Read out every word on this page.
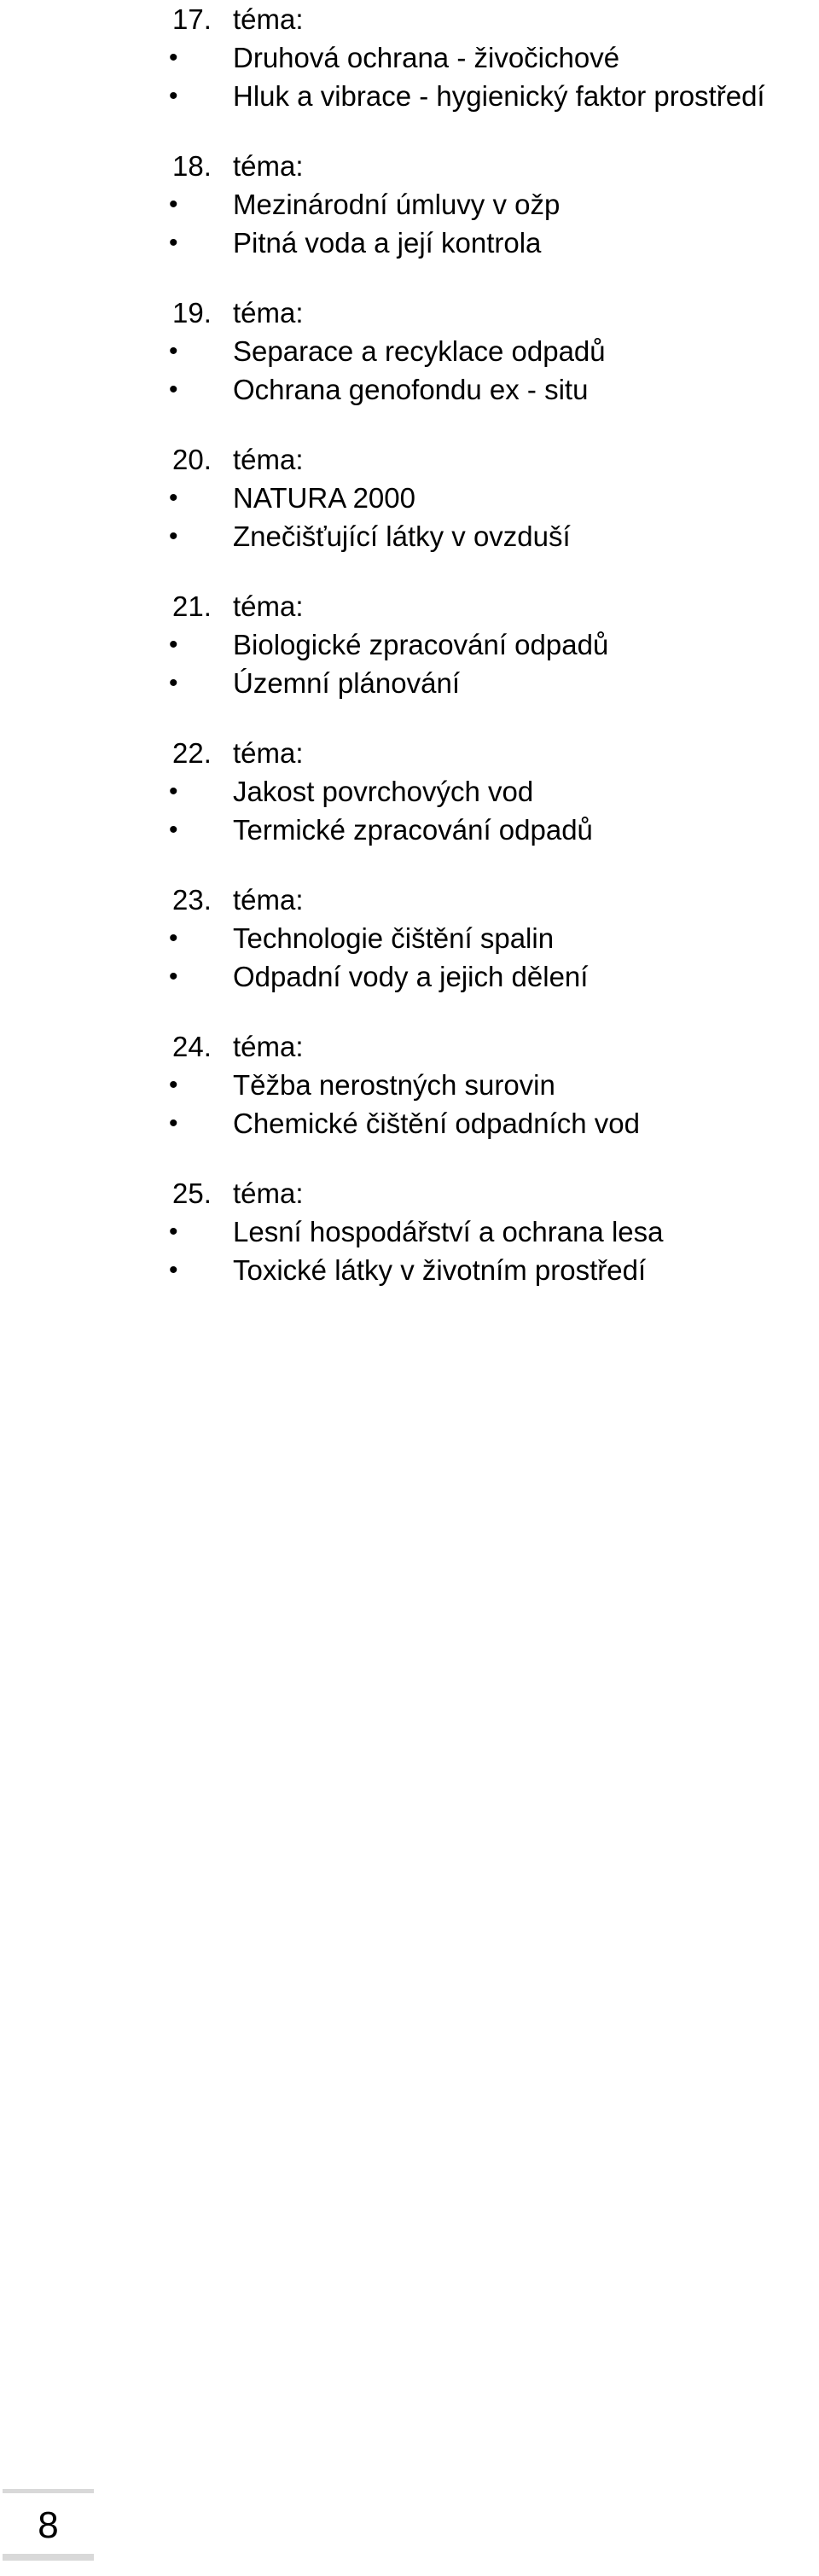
17. téma:
• Druhová ochrana - živočichové
• Hluk a vibrace - hygienický faktor prostředí
18. téma:
• Mezinárodní úmluvy v ožp
• Pitná voda a její kontrola
19. téma:
• Separace a recyklace odpadů
• Ochrana genofondu ex - situ
20. téma:
• NATURA 2000
• Znečišťující látky v ovzduší
21. téma:
• Biologické zpracování odpadů
• Územní plánování
22. téma:
• Jakost povrchových vod
• Termické zpracování odpadů
23. téma:
• Technologie čištění spalin
• Odpadní vody a jejich dělení
24. téma:
• Těžba nerostných surovin
• Chemické čištění odpadních vod
25. téma:
• Lesní hospodářství a ochrana lesa
• Toxické látky v životním prostředí
8
